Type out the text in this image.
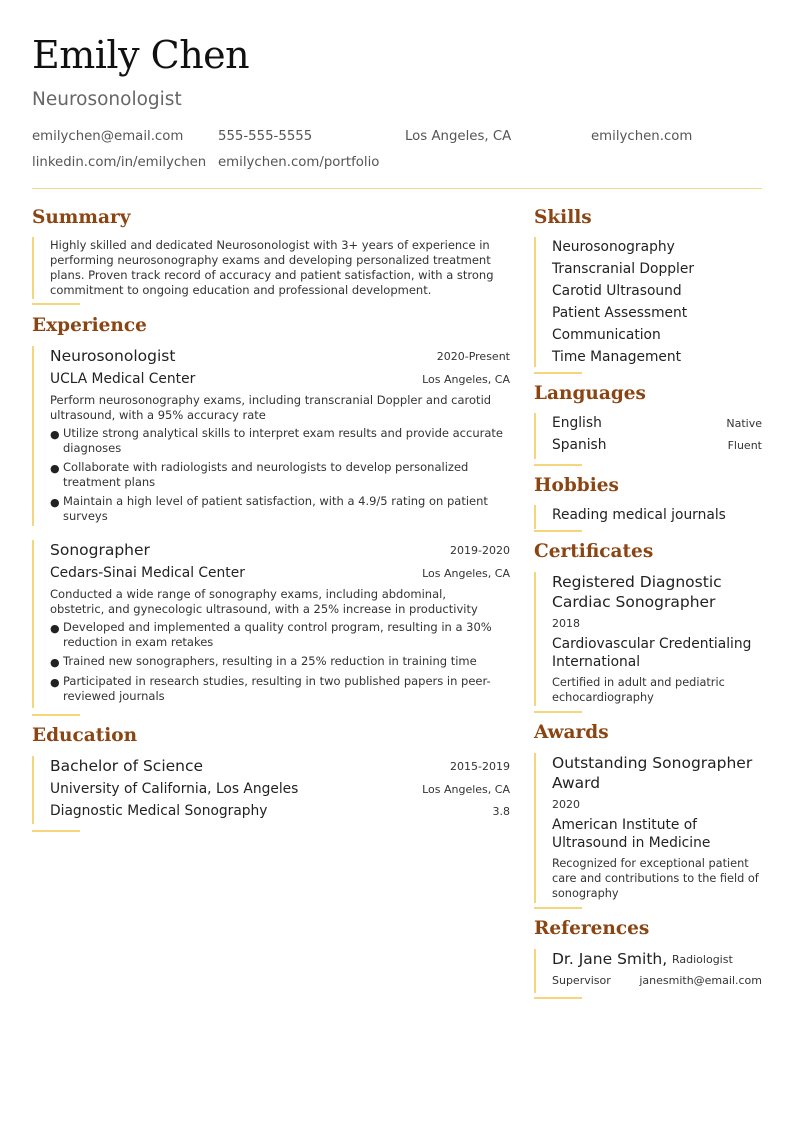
Emily Chen
Neurosonologist
emilychen@email.com	555-555-5555	Los Angeles, CA	emilychen.com
linkedin.com/in/emilychen emilychen.com/portfolio
Summary
Highly skilled and dedicated Neurosonologist with 3+ years of experience in performing neurosonography exams and developing personalized treatment plans. Proven track record of accuracy and patient satisfaction, with a strong commitment to ongoing education and professional development.
Experience
Neurosonologist	2020-Present
UCLA Medical Center	Los Angeles, CA
Perform neurosonography exams, including transcranial Doppler and carotid ultrasound, with a 95% accuracy rate
● Utilize strong analytical skills to interpret exam results and provide accurate diagnoses
● Collaborate with radiologists and neurologists to develop personalized treatment plans
● Maintain a high level of patient satisfaction, with a 4.9/5 rating on patient surveys
Sonographer	2019-2020
Cedars-Sinai Medical Center	Los Angeles, CA
Conducted a wide range of sonography exams, including abdominal, obstetric, and gynecologic ultrasound, with a 25% increase in productivity
● Developed and implemented a quality control program, resulting in a 30% reduction in exam retakes
● Trained new sonographers, resulting in a 25% reduction in training time
● Participated in research studies, resulting in two published papers in peer-reviewed journals
Education
Bachelor of Science	2015-2019
University of California, Los Angeles	Los Angeles, CA
Diagnostic Medical Sonography	3.8
Skills
Neurosonography
Transcranial Doppler
Carotid Ultrasound
Patient Assessment
Communication
Time Management
Languages
English	Native
Spanish	Fluent
Hobbies
Reading medical journals
Certificates
Registered Diagnostic
Cardiac Sonographer
2018
Cardiovascular Credentialing
International
Certified in adult and pediatric
echocardiography
Awards
Outstanding Sonographer
Award
2020
American Institute of
Ultrasound in Medicine
Recognized for exceptional patient
care and contributions to the field of
sonography
References
Dr. Jane Smith, Radiologist
Supervisor	janesmith@email.com
